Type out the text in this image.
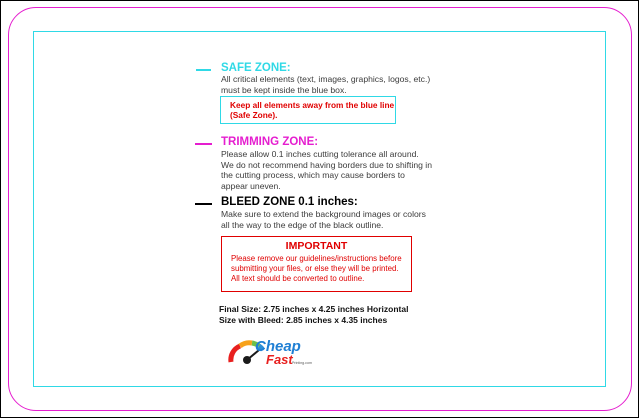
SAFE ZONE:
All critical elements (text, images, graphics, logos, etc.)
must be kept inside the blue box.
Keep all elements away from the blue line
(Safe Zone).
TRIMMING ZONE:
Please allow 0.1 inches cutting tolerance all around.
We do not recommend having borders due to shifting in
the cutting process, which may cause borders to
appear uneven.
BLEED ZONE 0.1 inches:
Make sure to extend the background images or colors
all the way to the edge of the black outline.
IMPORTANT
Please remove our guidelines/instructions before
submitting your files, or else they will be printed.
All text should be converted to outline.
Final Size: 2.75 inches x 4.25 inches Horizontal
Size with Bleed: 2.85 inches x 4.35 inches
Cheap
Fast Printing.com
